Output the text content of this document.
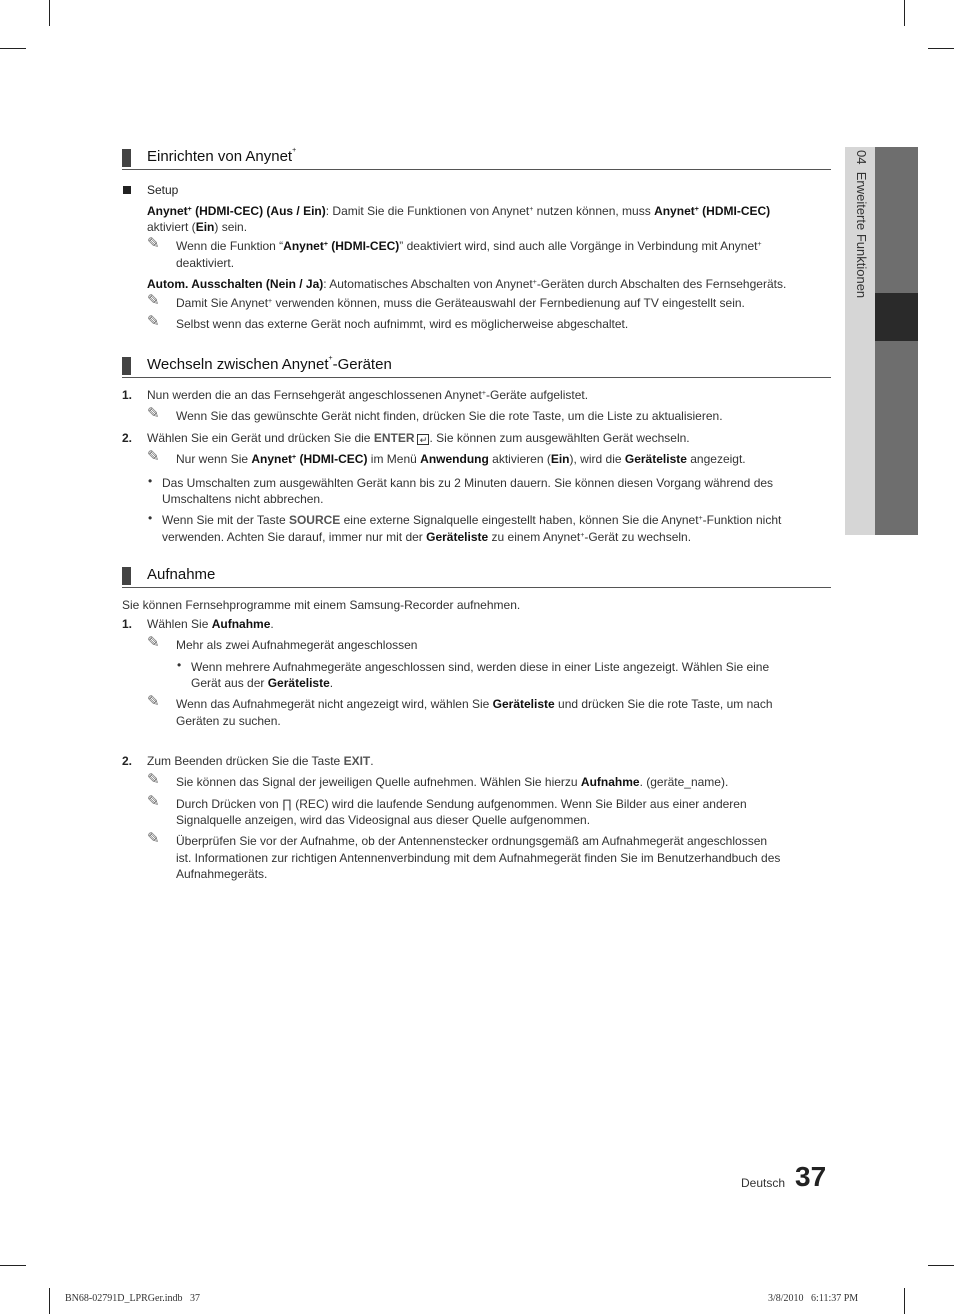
04  Erweiterte Funktionen
Einrichten von Anynet+
Setup
Anynet+ (HDMI-CEC) (Aus / Ein): Damit Sie die Funktionen von Anynet+ nutzen können, muss Anynet+ (HDMI-CEC)
aktiviert (Ein) sein.
✎ Wenn die Funktion “Anynet+ (HDMI-CEC)” deaktiviert wird, sind auch alle Vorgänge in Verbindung mit Anynet+
deaktiviert.
Autom. Ausschalten (Nein / Ja): Automatisches Abschalten von Anynet+-Geräten durch Abschalten des Fernsehgeräts.
✎ Damit Sie Anynet+ verwenden können, muss die Geräteauswahl der Fernbedienung auf TV eingestellt sein.
✎ Selbst wenn das externe Gerät noch aufnimmt, wird es möglicherweise abgeschaltet.
Wechseln zwischen Anynet+-Geräten
1. Nun werden die an das Fernsehgerät angeschlossenen Anynet+-Geräte aufgelistet.
✎ Wenn Sie das gewünschte Gerät nicht finden, drücken Sie die rote Taste, um die Liste zu aktualisieren.
2. Wählen Sie ein Gerät und drücken Sie die ENTER ↵ . Sie können zum ausgewählten Gerät wechseln.
✎ Nur wenn Sie Anynet+ (HDMI-CEC) im Menü Anwendung aktivieren (Ein), wird die Geräteliste angezeigt.
• Das Umschalten zum ausgewählten Gerät kann bis zu 2 Minuten dauern. Sie können diesen Vorgang während des
Umschaltens nicht abbrechen.
• Wenn Sie mit der Taste SOURCE eine externe Signalquelle eingestellt haben, können Sie die Anynet+-Funktion nicht
verwenden. Achten Sie darauf, immer nur mit der Geräteliste zu einem Anynet+-Gerät zu wechseln.
Aufnahme
Sie können Fernsehprogramme mit einem Samsung-Recorder aufnehmen.
1. Wählen Sie Aufnahme.
✎ Mehr als zwei Aufnahmegerät angeschlossen
• Wenn mehrere Aufnahmegeräte angeschlossen sind, werden diese in einer Liste angezeigt. Wählen Sie eine
Gerät aus der Geräteliste.
✎ Wenn das Aufnahmegerät nicht angezeigt wird, wählen Sie Geräteliste und drücken Sie die rote Taste, um nach
Geräten zu suchen.
2. Zum Beenden drücken Sie die Taste EXIT.
✎ Sie können das Signal der jeweiligen Quelle aufnehmen. Wählen Sie hierzu Aufnahme. (geräte_name).
✎ Durch Drücken von ∏ (REC) wird die laufende Sendung aufgenommen. Wenn Sie Bilder aus einer anderen
Signalquelle anzeigen, wird das Videosignal aus dieser Quelle aufgenommen.
✎ Überprüfen Sie vor der Aufnahme, ob der Antennenstecker ordnungsgemäß am Aufnahmegerät angeschlossen
ist. Informationen zur richtigen Antennenverbindung mit dem Aufnahmegerät finden Sie im Benutzerhandbuch des
Aufnahmegeräts.
Deutsch 37
BN68-02791D_LPRGer.indb   37	3/8/2010   6:11:37 PM
